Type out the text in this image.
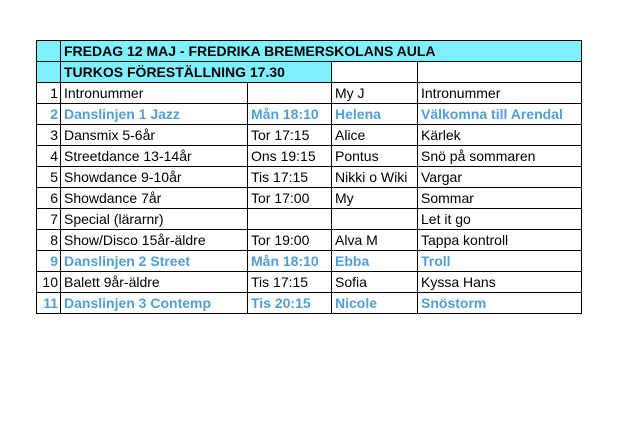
	FREDAG 12 MAJ - FREDRIKA BREMERSKOLANS AULA			
	TURKOS FÖRESTÄLLNING 17.30			
1	Intronummer		My J	Intronummer
2	Danslinjen 1 Jazz	Mån 18:10	Helena	Välkomna till Arendal
3	Dansmix 5-6år	Tor 17:15	Alice	Kärlek
4	Streetdance 13-14år	Ons 19:15	Pontus	Snö på sommaren
5	Showdance 9-10år	Tis 17:15	Nikki o Wiki	Vargar
6	Showdance 7år	Tor 17:00	My	Sommar
7	Special (lärarnr)			Let it go
8	Show/Disco 15år-äldre	Tor 19:00	Alva M	Tappa kontroll
9	Danslinjen 2 Street	Mån 18:10	Ebba	Troll
10	Balett 9år-äldre	Tis 17:15	Sofia	Kyssa Hans
11	Danslinjen 3 Contemp	Tis 20:15	Nicole	Snöstorm
